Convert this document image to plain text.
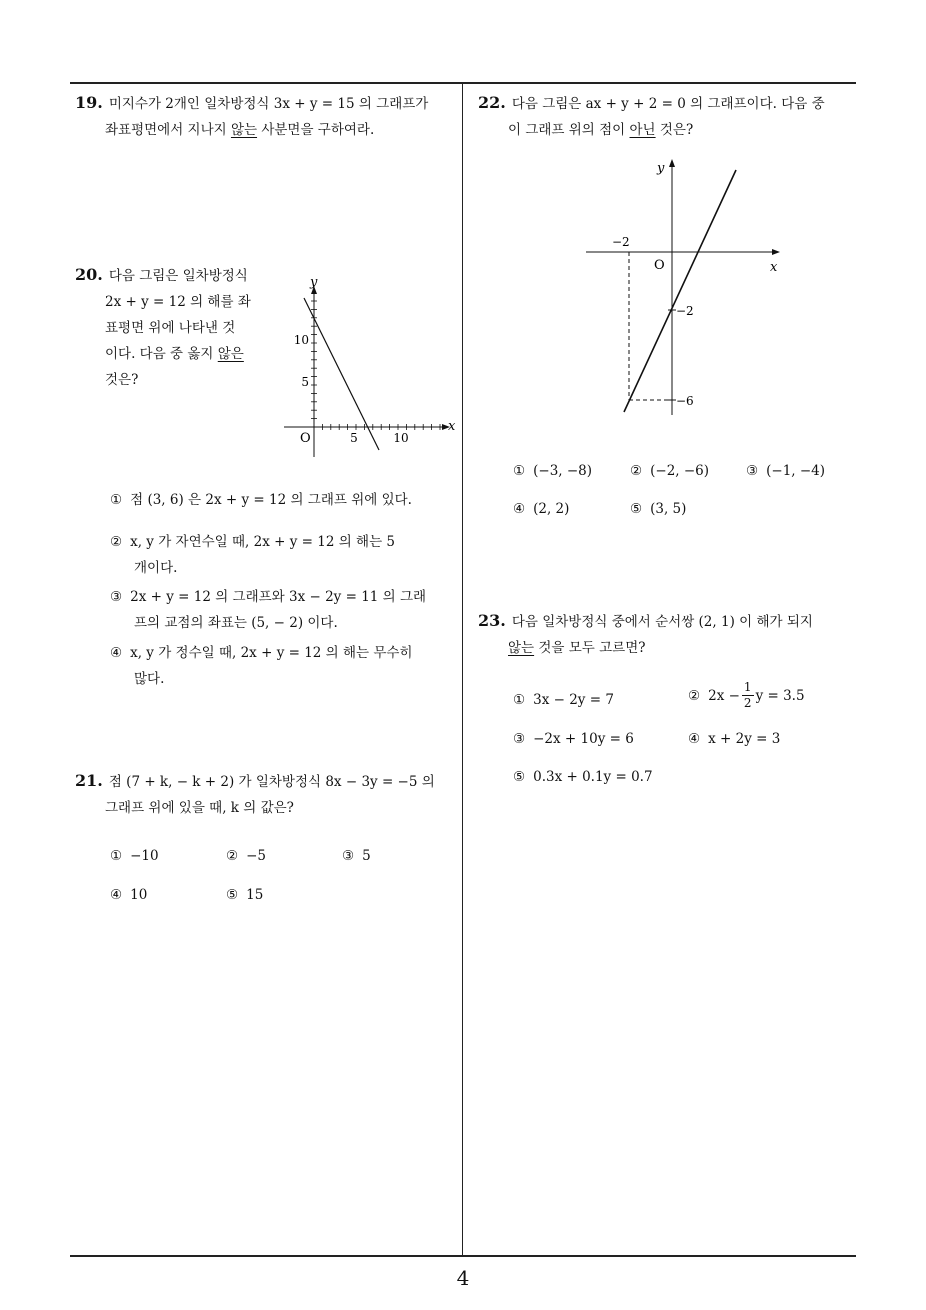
4

19. 미지수가 2개인 일차방정식 3x + y = 15 의 그래프가

좌표평면에서 지나지 않는 사분면을 구하여라.

20. 다음 그림은 일차방정식

2x + y = 12 의 해를 좌

표평면 위에 나타낸 것

이다. 다음 중 옳지 않은

것은?

x
y
O	5	10
5
10
① 점 (3, 6) 은 2x + y = 12 의 그래프 위에 있다.
② x, y 가 자연수일 때, 2x + y = 12 의 해는 5
개이다.
③ 2x + y = 12 의 그래프와 3x − 2y = 11 의 그래
프의 교점의 좌표는 (5, − 2) 이다.
④ x, y 가 정수일 때, 2x + y = 12 의 해는 무수히
많다.

21. 점 (7 + k, − k + 2) 가 일차방정식 8x − 3y = −5 의

그래프 위에 있을 때, k 의 값은?

① −10	② −5	③ 5
④ 10	⑤ 15

22. 다음 그림은 ax + y + 2 = 0 의 그래프이다. 다음 중

이 그래프 위의 점이 아닌 것은?

x
y
O
−2
−2
−6
① (−3, −8)	② (−2, −6)	③ (−1, −4)
④ (2, 2)	⑤ (3, 5)

23. 다음 일차방정식 중에서 순서쌍 (2, 1) 이 해가 되지

않는 것을 모두 고르면?

① 3x − 2y = 7	② $2x - \frac{1}{2}$ y = 3.5
③ −2x + 10y = 6	④ x + 2y = 3
⑤ 0.3x + 0.1y = 0.7
